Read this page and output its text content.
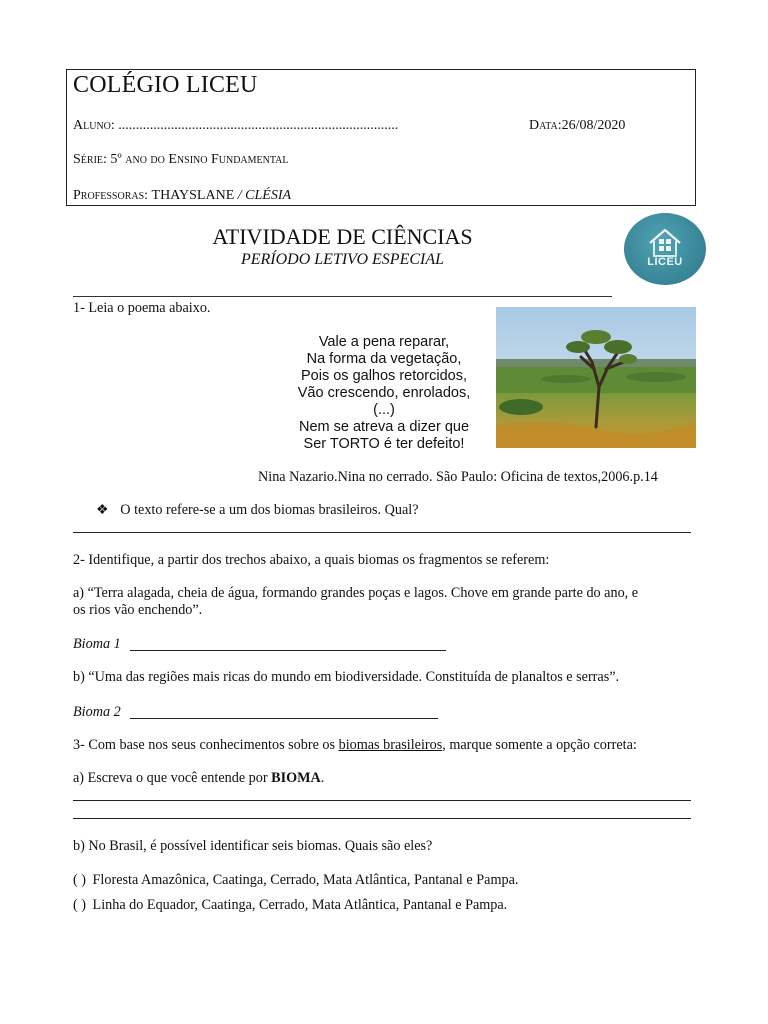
COLÉGIO LICEU
Aluno: ................................................................................	Data:26/08/2020
Série: 5º ano do Ensino Fundamental
Professoras: THAYSLANE / CLÉSIA
ATIVIDADE DE CIÊNCIAS
PERÍODO LETIVO ESPECIAL	LICEU
1- Leia o poema abaixo.
Vale a pena reparar,
Na forma da vegetação,
Pois os galhos retorcidos,
Vão crescendo, enrolados,
(...)
Nem se atreva a dizer que
Ser TORTO é ter defeito!
Nina Nazario.Nina no cerrado. São Paulo: Oficina de textos,2006.p.14
❖ O texto refere-se a um dos biomas brasileiros. Qual?
2- Identifique, a partir dos trechos abaixo, a quais biomas os fragmentos se referem:
a) “Terra alagada, cheia de água, formando grandes poças e lagos. Chove em grande parte do ano, e
os rios vão enchendo”.
Bioma 1
b) “Uma das regiões mais ricas do mundo em biodiversidade. Constituída de planaltos e serras”.
Bioma 2
3- Com base nos seus conhecimentos sobre os biomas brasileiros, marque somente a opção correta:
a) Escreva o que você entende por BIOMA.
b) No Brasil, é possível identificar seis biomas. Quais são eles?
( ) Floresta Amazônica, Caatinga, Cerrado, Mata Atlântica, Pantanal e Pampa.
( ) Linha do Equador, Caatinga, Cerrado, Mata Atlântica, Pantanal e Pampa.
